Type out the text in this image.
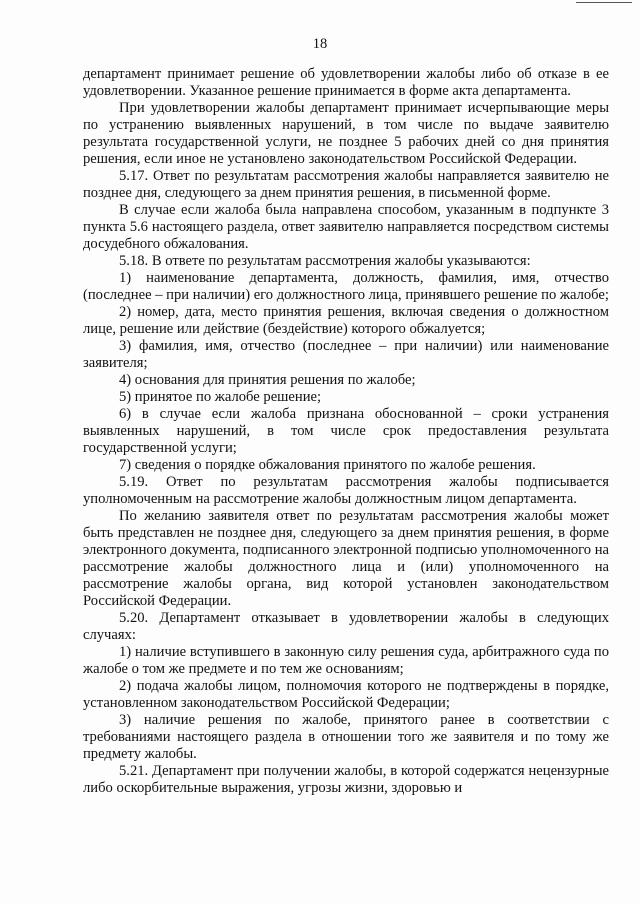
18

департамент принимает решение об удовлетворении жалобы либо об отказе в ее удовлетворении. Указанное решение принимается в форме акта департамента.

При удовлетворении жалобы департамент принимает исчерпывающие меры по устранению выявленных нарушений, в том числе по выдаче заявителю результата государственной услуги, не позднее 5 рабочих дней со дня принятия решения, если иное не установлено законодательством Российской Федерации.

5.17. Ответ по результатам рассмотрения жалобы направляется заявителю не позднее дня, следующего за днем принятия решения, в письменной форме.

В случае если жалоба была направлена способом, указанным в подпункте 3 пункта 5.6 настоящего раздела, ответ заявителю направляется посредством системы досудебного обжалования.

5.18. В ответе по результатам рассмотрения жалобы указываются:

1) наименование департамента, должность, фамилия, имя, отчество (последнее – при наличии) его должностного лица, принявшего решение по жалобе;

2) номер, дата, место принятия решения, включая сведения о должностном лице, решение или действие (бездействие) которого обжалуется;

3) фамилия, имя, отчество (последнее – при наличии) или наименование заявителя;

4) основания для принятия решения по жалобе;

5) принятое по жалобе решение;

6) в случае если жалоба признана обоснованной – сроки устранения выявленных нарушений, в том числе срок предоставления результата государственной услуги;

7) сведения о порядке обжалования принятого по жалобе решения.

5.19. Ответ по результатам рассмотрения жалобы подписывается уполномоченным на рассмотрение жалобы должностным лицом департамента.

По желанию заявителя ответ по результатам рассмотрения жалобы может быть представлен не позднее дня, следующего за днем принятия решения, в форме электронного документа, подписанного электронной подписью уполномоченного на рассмотрение жалобы должностного лица и (или) уполномоченного на рассмотрение жалобы органа, вид которой установлен законодательством Российской Федерации.

5.20. Департамент отказывает в удовлетворении жалобы в следующих случаях:

1) наличие вступившего в законную силу решения суда, арбитражного суда по жалобе о том же предмете и по тем же основаниям;

2) подача жалобы лицом, полномочия которого не подтверждены в порядке, установленном законодательством Российской Федерации;

3) наличие решения по жалобе, принятого ранее в соответствии с требованиями настоящего раздела в отношении того же заявителя и по тому же предмету жалобы.

5.21. Департамент при получении жалобы, в которой содержатся нецензурные либо оскорбительные выражения, угрозы жизни, здоровью и
